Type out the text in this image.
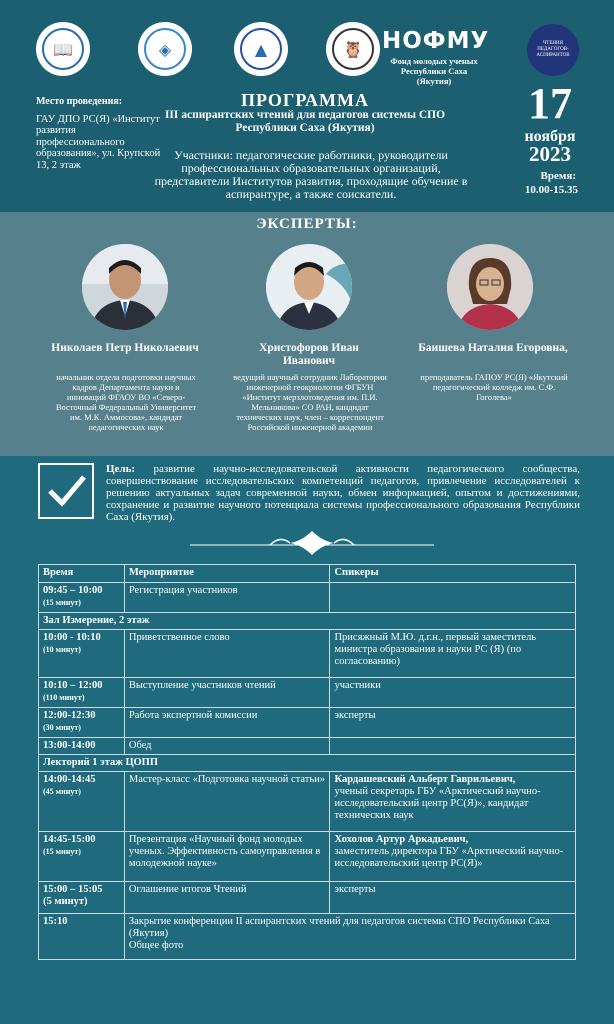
📖	◈	▲	🦉 НОФМУ
Фонд молодых ученых Республики Саха (Якутия)
ЧТЕНИЯ ПЕДАГОГОВ-АСПИРАНТОВ
Место проведения:
ГАУ ДПО РС(Я) «Институт развития профессионального образования», ул. Крупской 13, 2 этаж
ПРОГРАММА
III аспирантских чтений для педагогов системы СПО Республики Саха (Якутия)
Участники: педагогические работники, руководители профессиональных образовательных организаций, представители Институтов развития, проходящие обучение в аспирантуре, а также соискатели.
17
ноября
2023
Время:
10.00-15.35
ЭКСПЕРТЫ:
Николаев Петр Николаевич
начальник отдела подготовки научных кадров Департамента науки и инноваций ФГАОУ ВО «Северо-Восточный Федеральный Университет им. М.К. Аммосова», кандидат педагогических наук
Христофоров Иван Иванович
ведущий научный сотрудник Лаборатории инженерной геокриологии ФГБУН «Институт мерзлотоведения им. П.И. Мельникова» СО РАН, кандидат технических наук, член – корреспондент Российской инженерной академии
Баишева Наталия Егоровна,
преподаватель ГАПОУ РС(Я) «Якутский педагогический колледж им. С.Ф. Гоголева»
Цель: развитие научно-исследовательской активности педагогического сообщества, совершенствование исследовательских компетенций педагогов, привлечение исследователей к решению актуальных задач современной науки, обмен информацией, опытом и достижениями, сохранение и развитие научного потенциала системы профессионального образования Республики Саха (Якутия).
Время	Мероприятие	Спикеры

09:45 – 10:00
(15 минут)	Регистрация участников	
Зал Измерение, 2 этаж		

10:00 - 10:10
(10 минут)	Приветственное слово	Присяжный М.Ю. д.г.н., первый заместитель министра образования и науки РС (Я) (по согласованию)

10:10 – 12:00
(110 минут)	Выступление участников чтений	участники

12:00-12:30
(30 минут)	Работа экспертной комиссии	эксперты

13:00-14:00	Обед	
Лекторий 1 этаж ЦОПП		

14:00-14:45
(45 минут)	Мастер-класс «Подготовка научной статьи»	Кардашевский Альберт Гаврильевич,
ученый секретарь ГБУ «Арктический научно-исследовательский центр РС(Я)», кандидат технических наук

14:45-15:00
(15 минут)	Презентация «Научный фонд молодых ученых. Эффективность самоуправления в молодежной науке»	Хохолов Артур Аркадьевич,
заместитель директора ГБУ «Арктический научно-исследовательский центр РС(Я)»

15:00 – 15:05
(5 минут)	Оглашение итогов Чтений	эксперты

15:10	Закрытие конференции II аспирантских чтений для педагогов системы СПО Республики Саха (Якутия)
Общее фото	
